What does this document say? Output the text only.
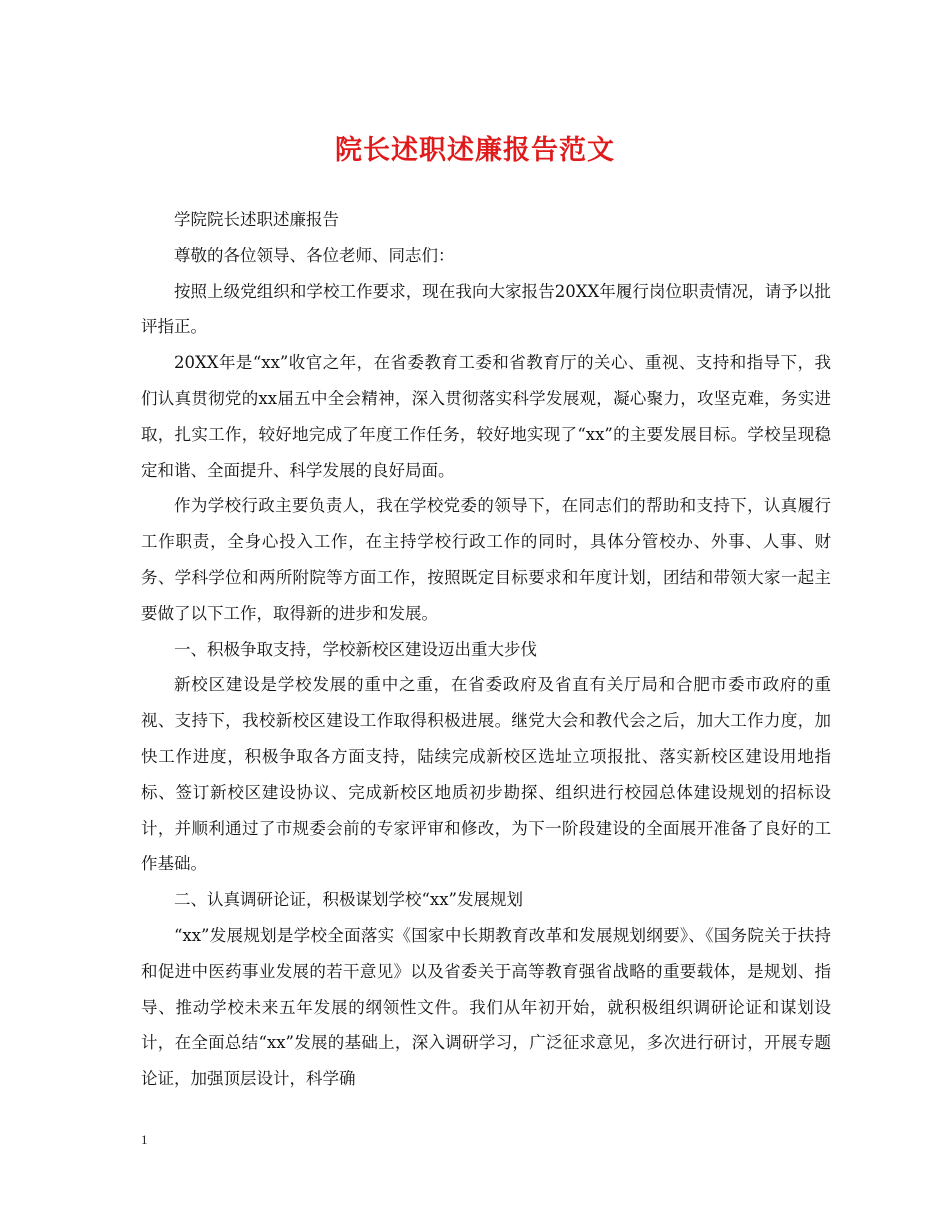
院长述职述廉报告范文

学院院长述职述廉报告

尊敬的各位领导、各位老师、同志们：

按照上级党组织和学校工作要求，现在我向大家报告20XX年履行岗位职责情况，请予以批评指正。

20XX年是“xx”收官之年，在省委教育工委和省教育厅的关心、重视、支持和指导下，我们认真贯彻党的xx届五中全会精神，深入贯彻落实科学发展观，凝心聚力，攻坚克难，务实进取，扎实工作，较好地完成了年度工作任务，较好地实现了“xx”的主要发展目标。学校呈现稳定和谐、全面提升、科学发展的良好局面。

作为学校行政主要负责人，我在学校党委的领导下，在同志们的帮助和支持下，认真履行工作职责，全身心投入工作，在主持学校行政工作的同时，具体分管校办、外事、人事、财务、学科学位和两所附院等方面工作，按照既定目标要求和年度计划，团结和带领大家一起主要做了以下工作，取得新的进步和发展。

一、积极争取支持，学校新校区建设迈出重大步伐

新校区建设是学校发展的重中之重，在省委政府及省直有关厅局和合肥市委市政府的重视、支持下，我校新校区建设工作取得积极进展。继党大会和教代会之后，加大工作力度，加快工作进度，积极争取各方面支持，陆续完成新校区选址立项报批、落实新校区建设用地指标、签订新校区建设协议、完成新校区地质初步勘探、组织进行校园总体建设规划的招标设计，并顺利通过了市规委会前的专家评审和修改，为下一阶段建设的全面展开准备了良好的工作基础。

二、认真调研论证，积极谋划学校“xx”发展规划

“xx”发展规划是学校全面落实《国家中长期教育改革和发展规划纲要》、《国务院关于扶持和促进中医药事业发展的若干意见》以及省委关于高等教育强省战略的重要载体，是规划、指导、推动学校未来五年发展的纲领性文件。我们从年初开始，就积极组织调研论证和谋划设计，在全面总结“xx”发展的基础上，深入调研学习，广泛征求意见，多次进行研讨，开展专题论证，加强顶层设计，科学确

1
